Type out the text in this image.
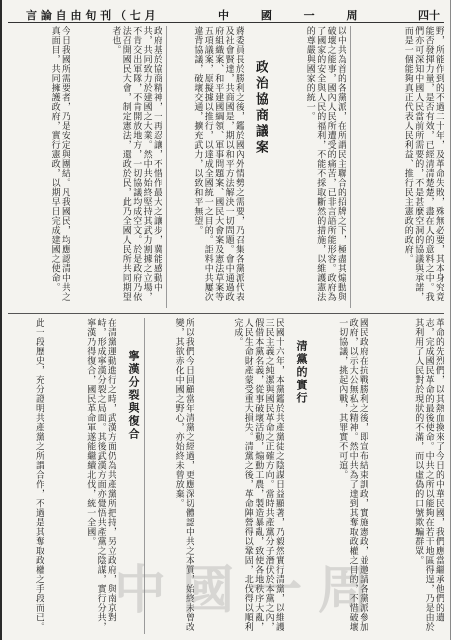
言 論 自 由 旬 刊 （ 七 月	中 國 一 周	四十
野，所能作到的不過二十年，及革命失敗，殊無必要，其本身究竟能否發揮力量，是否有效，已經清清楚楚，盡在人的意料之中。我們亦可深知中國人民當前所需要的，不是甚麼空洞的協議與承諾，而是一個能夠真正代表人民利益、推行民主憲政的政府。
以中共為首的各黨派，在所謂民主聯合的招牌之下，極盡其煽動與破壞之能事，國內人民所遭受的痛苦，已非言語所能形容。政府為了國家的安全與人民的福利，不能不採取斷然的措施，以維護憲法的尊嚴與國家的統一。
政治協商議案
蔣委員長於勝利之後，鑑於國內外情勢之需要，乃召集各黨派代表及社會賢達，共商國是，期以和平方法解決一切問題。會中通過政府組織案、和平建國綱領、軍事問題案、國民大會案及憲法草案等五項議案，原擬據以推行，以達成全國統一之目的。詎料中共屢次違背協議，破壞交通，擴充武力，以致和平無望。
政府基於協商精神，一再忍讓，不惜作最大之讓步，冀能感動中共，共同致力於建國之大業。然中共始終堅持其武力割據之立場，不肯交出軍隊，不肯開放地方，一切協議均成空文。於是政府乃依法召開國民大會，制定憲法，還政於民，此乃全國人民所共同期望者也。
今日我國所需要者，乃是安定與團結。凡我國民，均應認清中共之真面目，共同擁護政府，實行憲政，以期早日完成建國之使命。
革命的先烈們，以其熱血換來了今日的中華民國，我們應當繼承他們的遺志，完成國民革命的最後使命。中共之所以能夠在若干地區得逞，乃是由於其利用了人民對於現狀的不滿，而以虛偽的口號欺騙群眾。
國民政府在抗戰勝利之後，即宣布結束訓政，實施憲政，並邀請各黨派參加政府，以示大公無私之精神。然中共為了達到其奪取政權之目的，不惜破壞一切協議，挑起內戰，其罪實不可逭。
清黨的實行
民國十六年，本黨鑑於共產黨徒之陰謀日益顯著，乃毅然實行清黨，以維護三民主義之純潔與國民革命之正確方向。當時共產黨分子潛伏於本黨之內，假借本黨名義，從事破壞活動，煽動工農，製造暴亂，致使各地秩序大亂，人民生命財產蒙受重大損失。清黨之後，革命陣營得以鞏固，北伐得以順利完成。
所以我們今日回顧當年清黨之經過，更應深切體認中共之本質，始終未曾改變，其欲赤化中國之野心，亦始終未曾放棄。
寧漢分裂與復合
在清黨運動進行之時，武漢方面仍為共產黨所把持，另立政府，與南京對峙，形成寧漢分裂之局面。其後武漢方面亦覺悟共產黨之陰謀，實行分共，寧漢乃得復合，國民革命軍遂能繼續北伐，統一全國。
此一段歷史，充分證明共產黨之所謂合作，不過是其奪取政權之手段而已。 中 國 一 周
